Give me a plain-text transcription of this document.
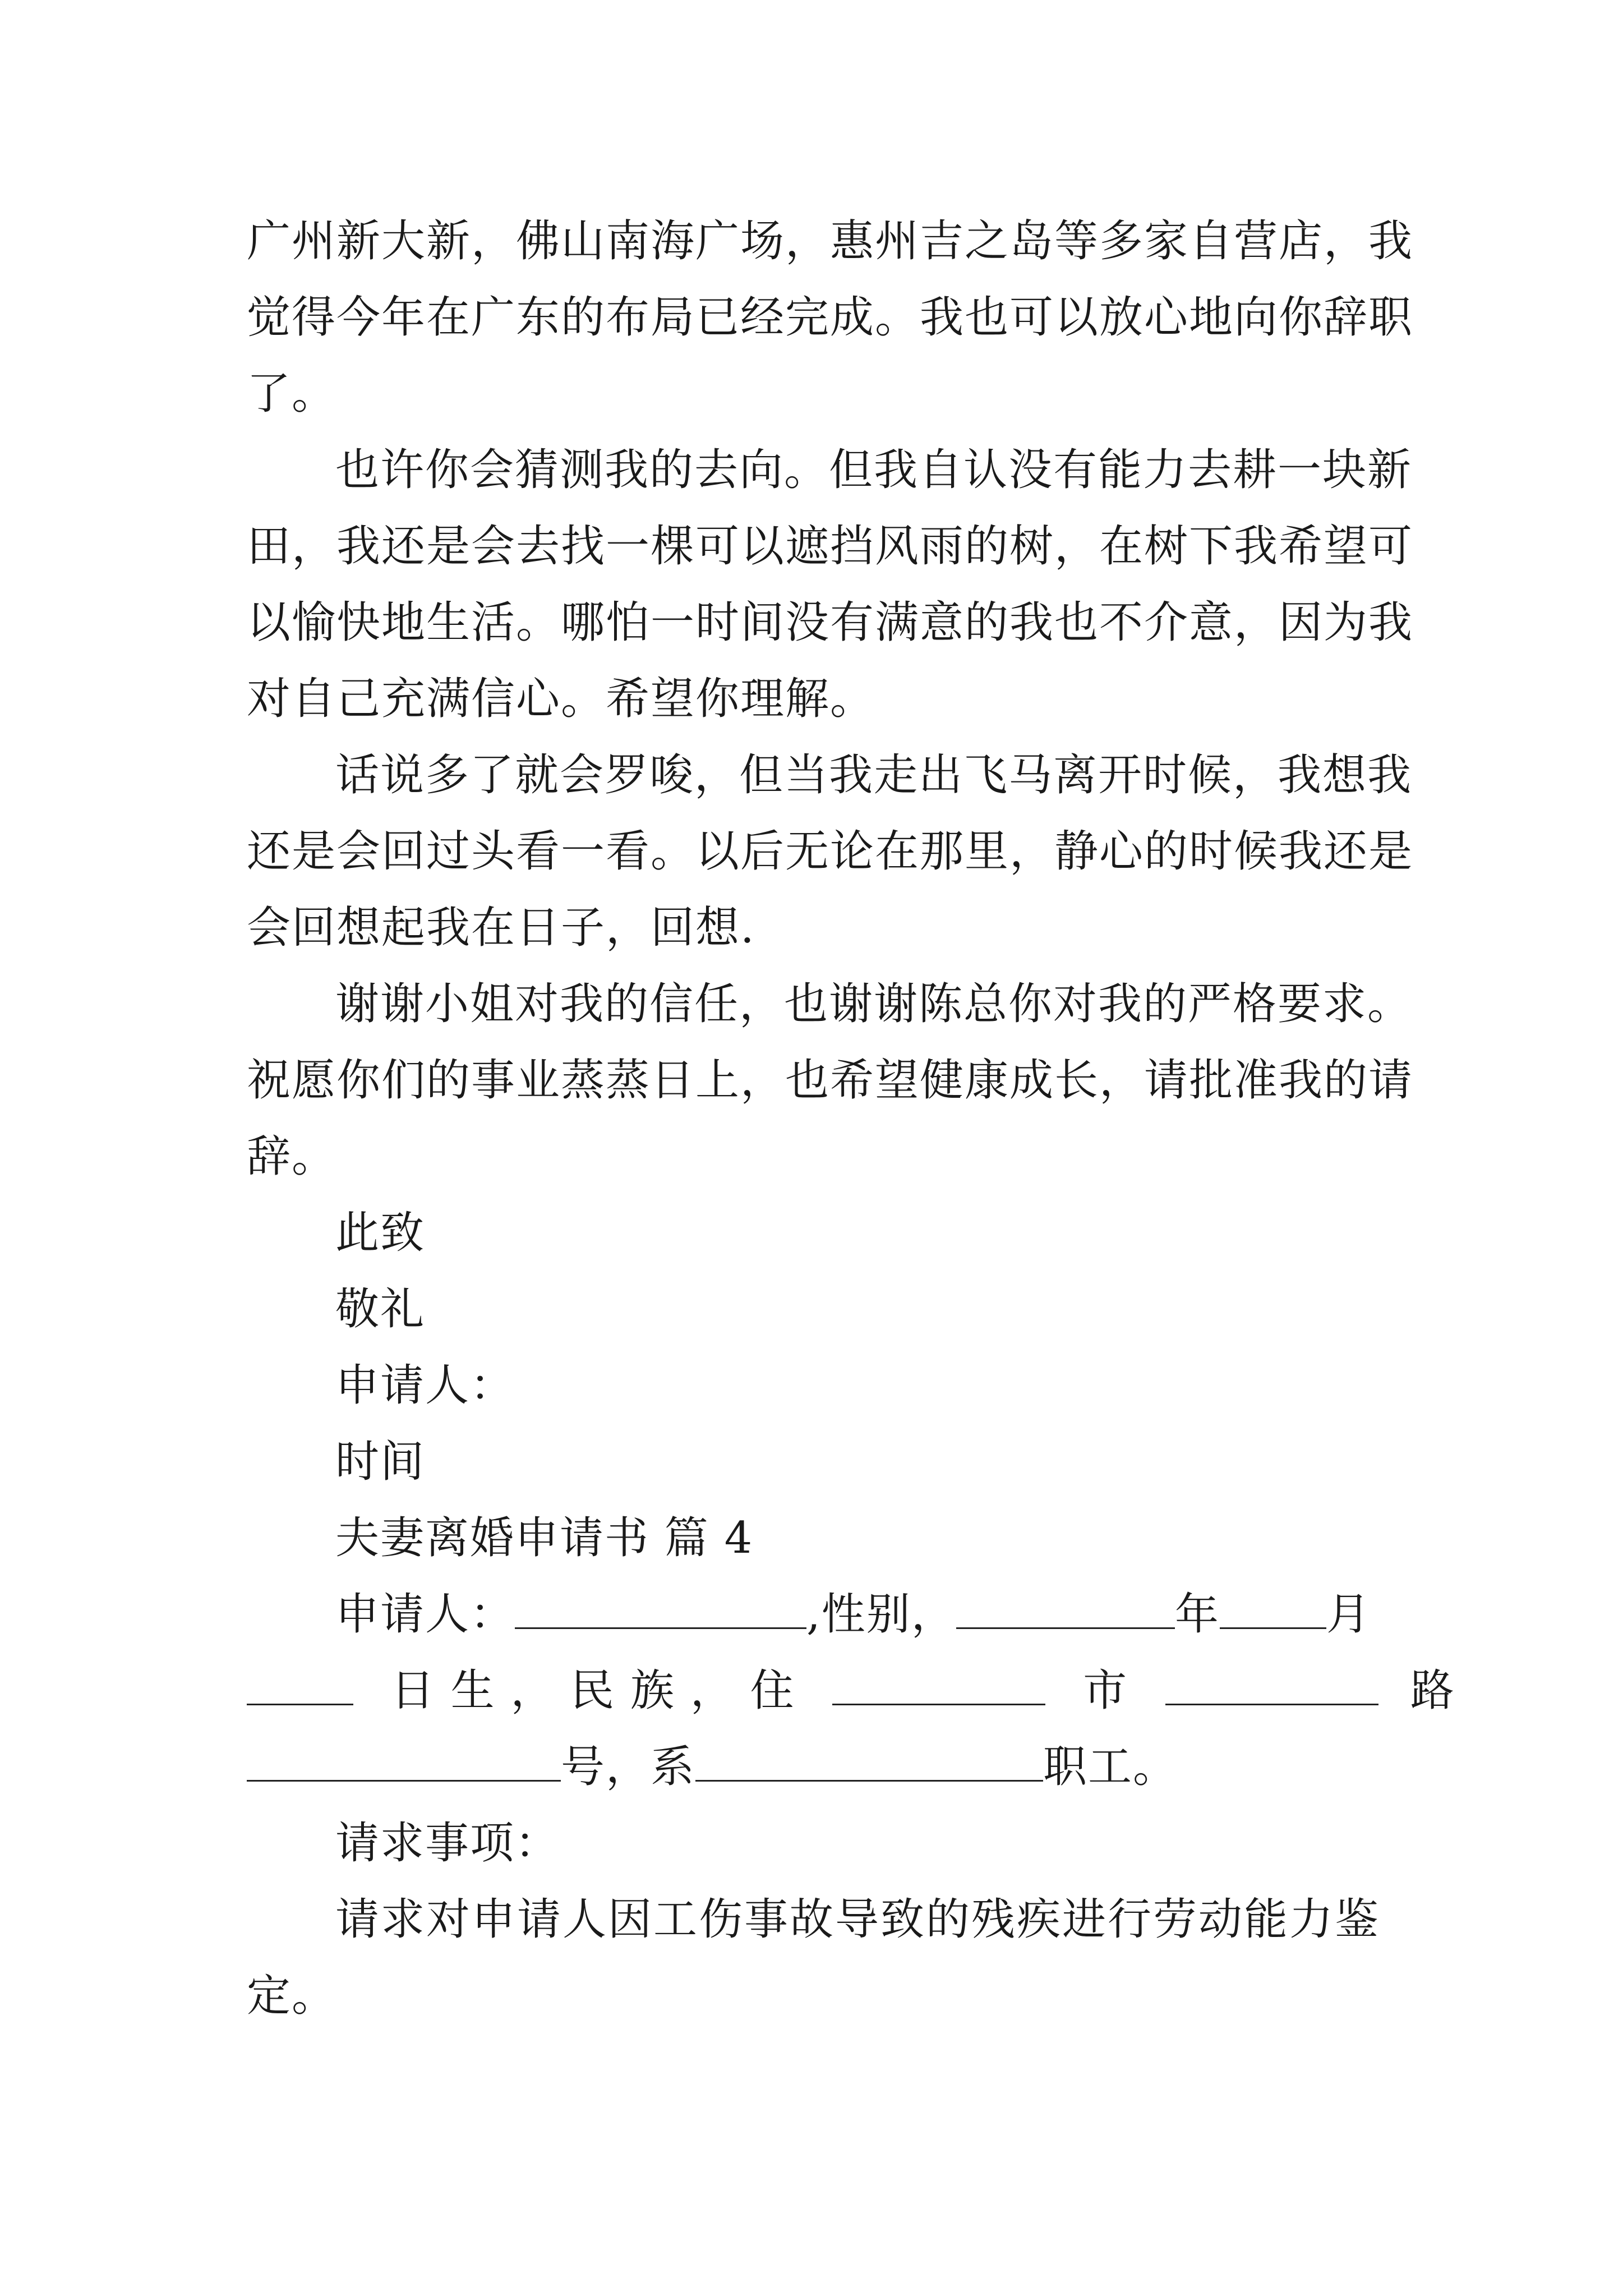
广州新大新，佛山南海广场，惠州吉之岛等多家自营店，我
觉得今年在广东的布局已经完成。我也可以放心地向你辞职
了。
也许你会猜测我的去向。但我自认没有能力去耕一块新
田，我还是会去找一棵可以遮挡风雨的树，在树下我希望可
以愉快地生活。哪怕一时间没有满意的我也不介意，因为我
对自己充满信心。希望你理解。
话说多了就会罗唆，但当我走出飞马离开时候，我想我
还是会回过头看一看。以后无论在那里，静心的时候我还是
会回想起我在日子，回想.
谢谢小姐对我的信任，也谢谢陈总你对我的严格要求。
祝愿你们的事业蒸蒸日上，也希望健康成长，请批准我的请
辞。
此致
敬礼
申请人：
时间
夫妻离婚申请书 篇 4
申请人：	,性别，	年 月
日 生 ， 民 族 ， 住	市	路
号，系	职工。
请求事项：
请求对申请人因工伤事故导致的残疾进行劳动能力鉴
定。
